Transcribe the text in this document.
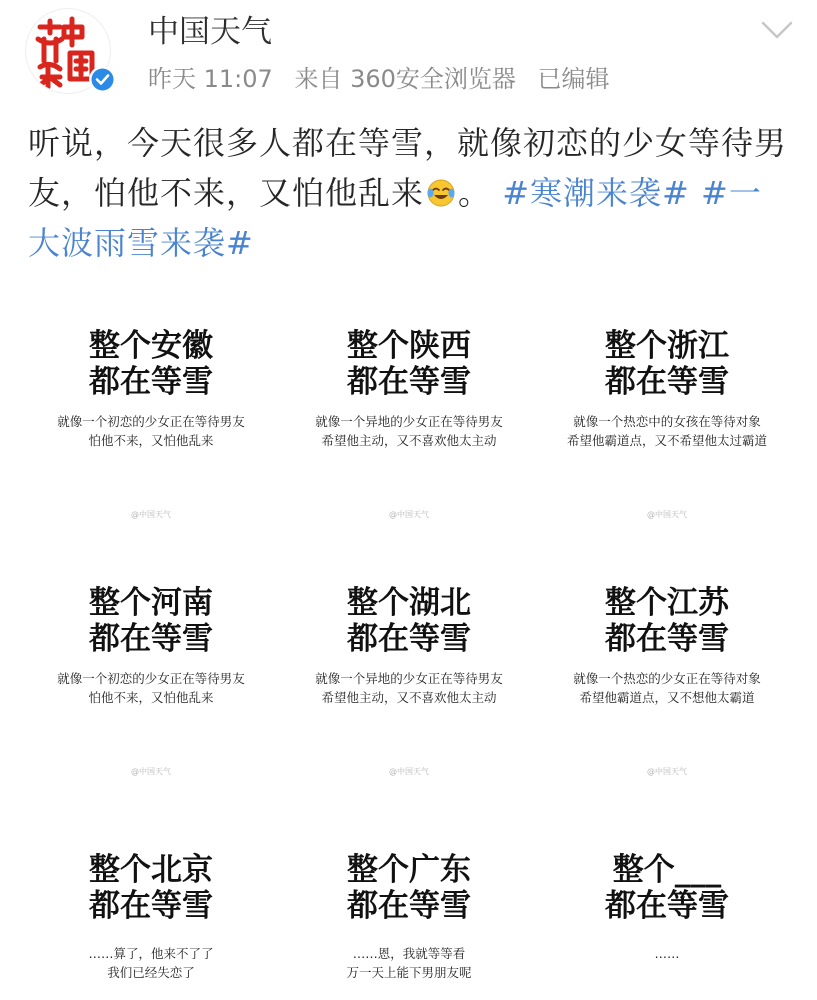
中国天气
昨天 11:07 来自 360安全浏览器 已编辑
听说，今天很多人都在等雪，就像初恋的少女等待男友，怕他不来，又怕他乱来 。 #寒潮来袭# #一大波雨雪来袭#
整个安徽
都在等雪
就像一个初恋的少女正在等待男友
怕他不来，又怕他乱来
@中国天气
整个陕西
都在等雪
就像一个异地的少女正在等待男友
希望他主动，又不喜欢他太主动
@中国天气
整个浙江
都在等雪
就像一个热恋中的女孩在等待对象
希望他霸道点，又不希望他太过霸道
@中国天气
整个河南
都在等雪
就像一个初恋的少女正在等待男友
怕他不来，又怕他乱来
@中国天气
整个湖北
都在等雪
就像一个异地的少女正在等待男友
希望他主动，又不喜欢他太主动
@中国天气
整个江苏
都在等雪
就像一个热恋的少女正在等待对象
希望他霸道点，又不想他太霸道
@中国天气
整个北京
都在等雪
……算了，他来不了了
我们已经失恋了
整个广东
都在等雪
……恩，我就等等看
万一天上能下男朋友呢
整个___
都在等雪
……
